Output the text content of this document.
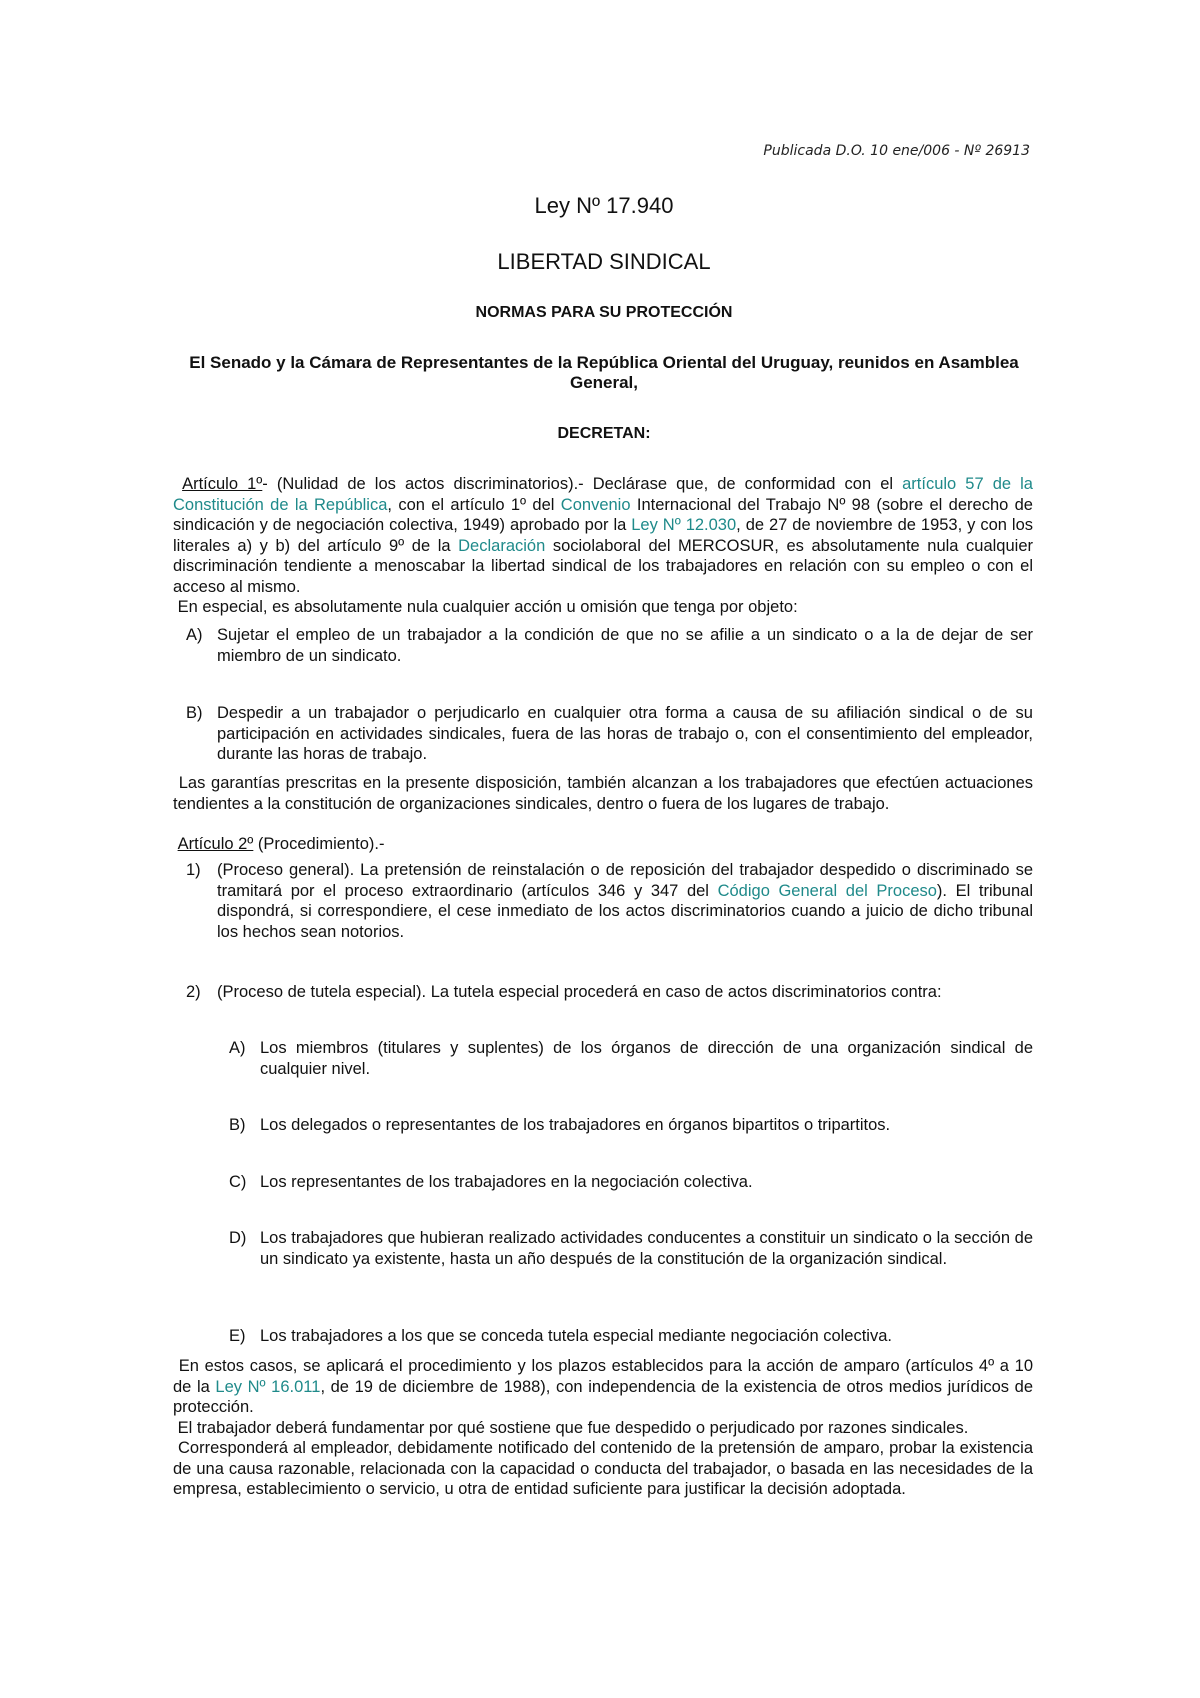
Publicada D.O. 10 ene/006 - Nº 26913
Ley Nº 17.940
LIBERTAD SINDICAL
NORMAS PARA SU PROTECCIÓN
El Senado y la Cámara de Representantes de la República Oriental del Uruguay, reunidos en Asamblea General,
DECRETAN:

Artículo 1º- (Nulidad de los actos discriminatorios).- Declárase que, de conformidad con el artículo 57 de la Constitución de la República, con el artículo 1º del Convenio Internacional del Trabajo Nº 98 (sobre el derecho de sindicación y de negociación colectiva, 1949) aprobado por la Ley Nº 12.030, de 27 de noviembre de 1953, y con los literales a) y b) del artículo 9º de la Declaración sociolaboral del MERCOSUR, es absolutamente nula cualquier discriminación tendiente a menoscabar la libertad sindical de los trabajadores en relación con su empleo o con el acceso al mismo.

En especial, es absolutamente nula cualquier acción u omisión que tenga por objeto:

A) Sujetar el empleo de un trabajador a la condición de que no se afilie a un sindicato o a la de dejar de ser miembro de un sindicato.
B) Despedir a un trabajador o perjudicarlo en cualquier otra forma a causa de su afiliación sindical o de su participación en actividades sindicales, fuera de las horas de trabajo o, con el consentimiento del empleador, durante las horas de trabajo.

Las garantías prescritas en la presente disposición, también alcanzan a los trabajadores que efectúen actuaciones tendientes a la constitución de organizaciones sindicales, dentro o fuera de los lugares de trabajo.

Artículo 2º (Procedimiento).-

1) (Proceso general). La pretensión de reinstalación o de reposición del trabajador despedido o discriminado se tramitará por el proceso extraordinario (artículos 346 y 347 del Código General del Proceso). El tribunal dispondrá, si correspondiere, el cese inmediato de los actos discriminatorios cuando a juicio de dicho tribunal los hechos sean notorios.
2) (Proceso de tutela especial). La tutela especial procederá en caso de actos discriminatorios contra:
A) Los miembros (titulares y suplentes) de los órganos de dirección de una organización sindical de cualquier nivel.
B) Los delegados o representantes de los trabajadores en órganos bipartitos o tripartitos.
C) Los representantes de los trabajadores en la negociación colectiva.
D) Los trabajadores que hubieran realizado actividades conducentes a constituir un sindicato o la sección de un sindicato ya existente, hasta un año después de la constitución de la organización sindical.
E) Los trabajadores a los que se conceda tutela especial mediante negociación colectiva.

En estos casos, se aplicará el procedimiento y los plazos establecidos para la acción de amparo (artículos 4º a 10 de la Ley Nº 16.011, de 19 de diciembre de 1988), con independencia de la existencia de otros medios jurídicos de protección.

El trabajador deberá fundamentar por qué sostiene que fue despedido o perjudicado por razones sindicales.

Corresponderá al empleador, debidamente notificado del contenido de la pretensión de amparo, probar la existencia de una causa razonable, relacionada con la capacidad o conducta del trabajador, o basada en las necesidades de la empresa, establecimiento o servicio, u otra de entidad suficiente para justificar la decisión adoptada.
